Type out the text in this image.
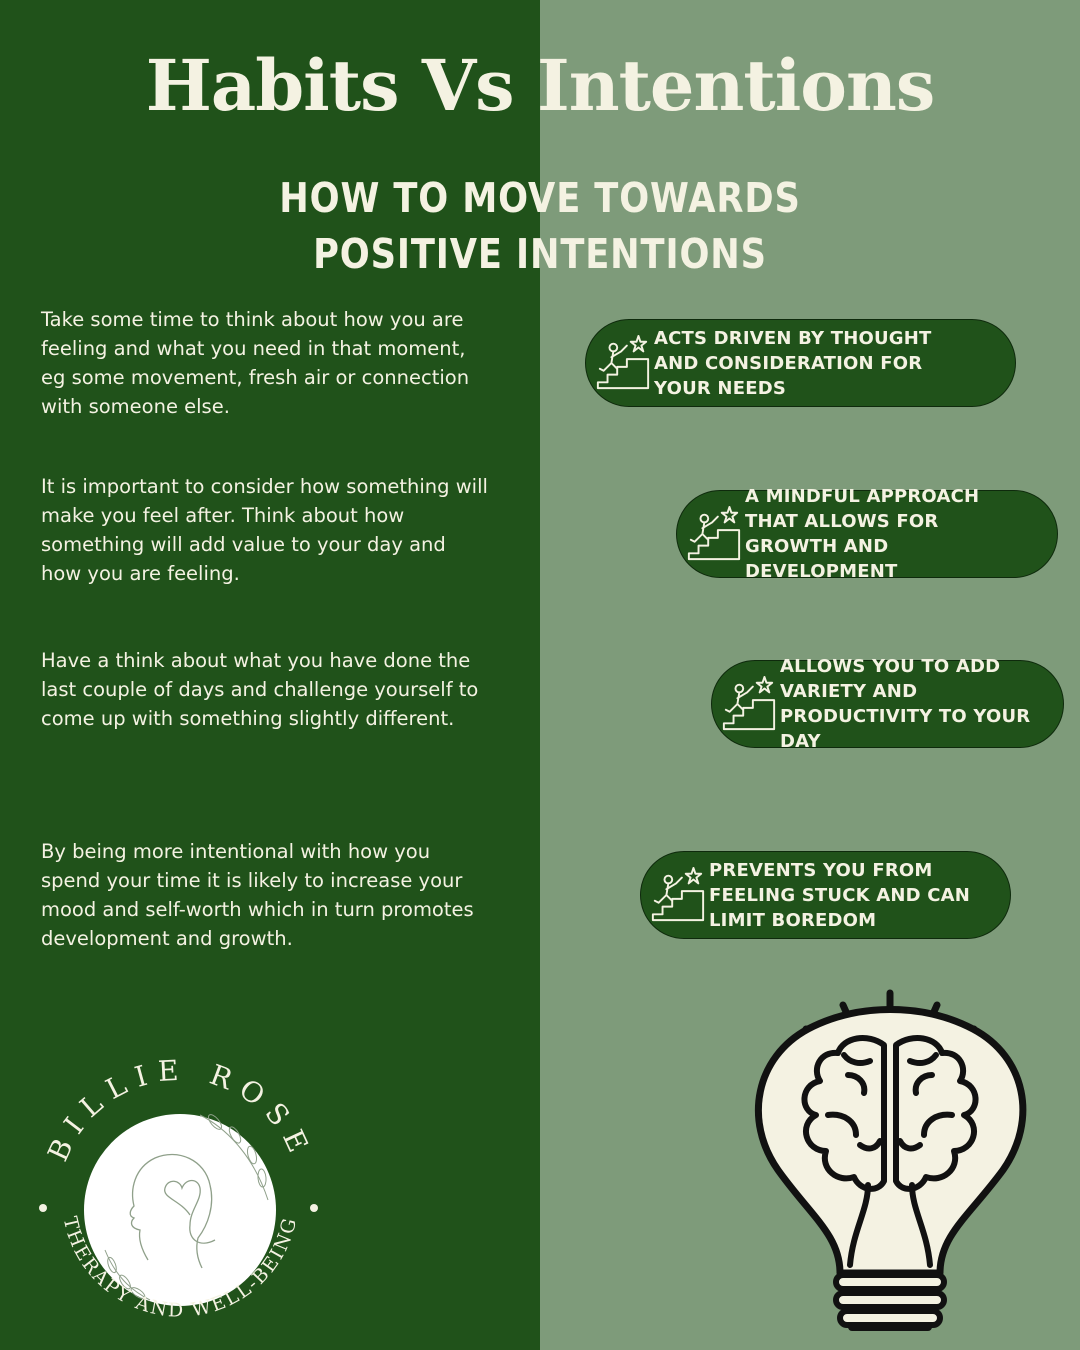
Habits Vs Intentions
HOW TO MOVE TOWARDS
POSITIVE INTENTIONS

Take some time to think about how you are feeling and what you need in that moment, eg some movement, fresh air or connection with someone else.

It is important to consider how something will make you feel after. Think about how something will add value to your day and how you are feeling.

Have a think about what you have done the last couple of days and challenge yourself to come up with something slightly different.

By being more intentional with how you spend your time it is likely to increase your mood and self-worth which in turn promotes development and growth.

ACTS DRIVEN BY THOUGHT AND CONSIDERATION FOR YOUR NEEDS
A MINDFUL APPROACH THAT ALLOWS FOR GROWTH AND DEVELOPMENT
ALLOWS YOU TO ADD VARIETY AND PRODUCTIVITY TO YOUR DAY
PREVENTS YOU FROM FEELING STUCK AND CAN LIMIT BOREDOM
BILLIE ROSE
THERAPY AND WELL-BEING
